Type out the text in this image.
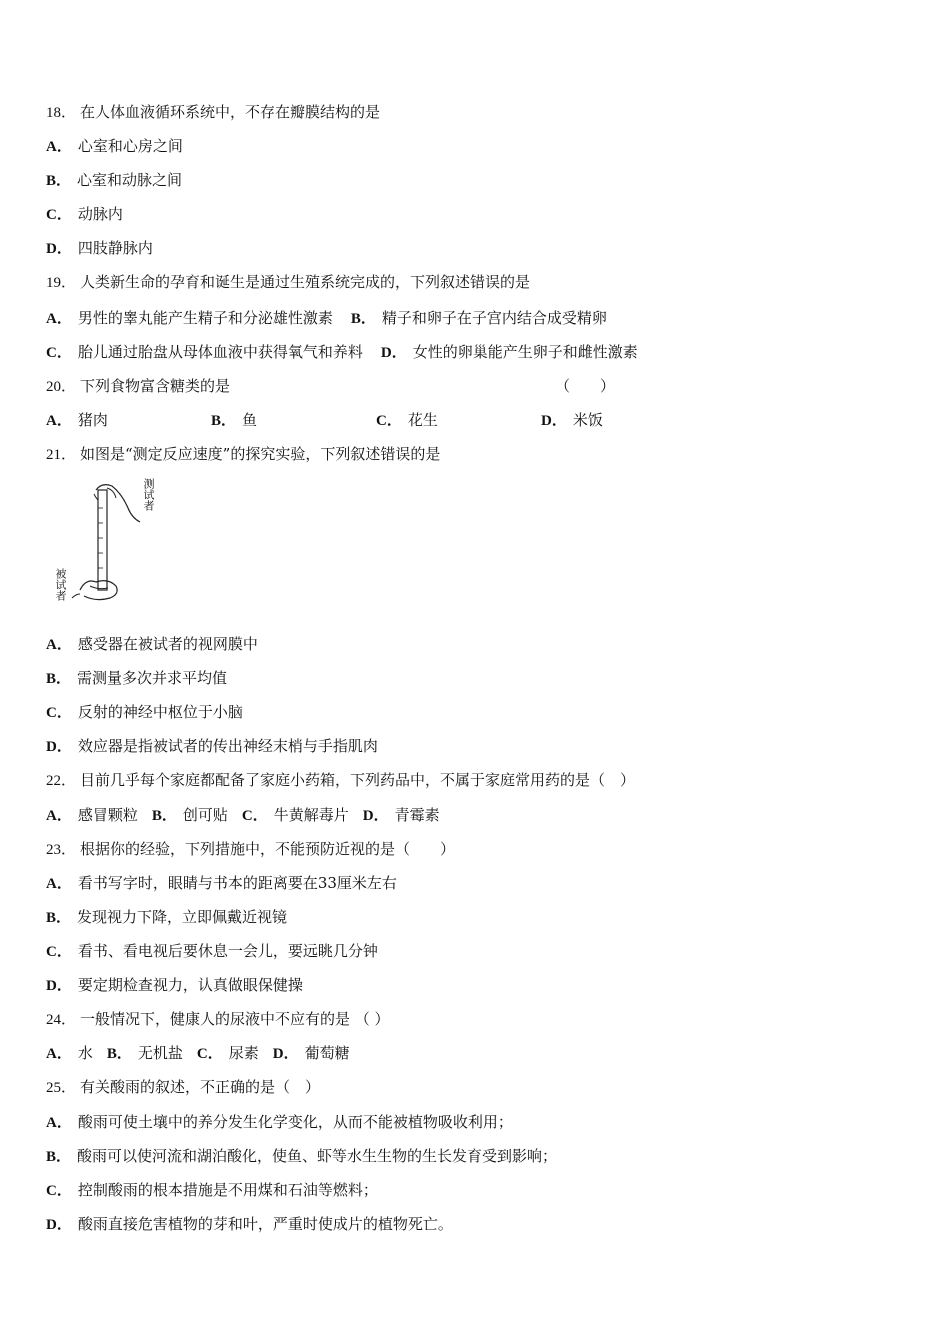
18． 在人体血液循环系统中，不存在瓣膜结构的是
A． 心室和心房之间
B． 心室和动脉之间
C． 动脉内
D． 四肢静脉内
19． 人类新生命的孕育和诞生是通过生殖系统完成的，下列叙述错误的是
A． 男性的睾丸能产生精子和分泌雄性激素 B． 精子和卵子在子宫内结合成受精卵
C． 胎儿通过胎盘从母体血液中获得氧气和养料 D． 女性的卵巢能产生卵子和雌性激素
20． 下列食物富含糖类的是	（　　）
A． 猪肉	B． 鱼	C． 花生	D． 米饭
21． 如图是“测定反应速度”的探究实验，下列叙述错误的是
测试者
被试者
A． 感受器在被试者的视网膜中
B． 需测量多次并求平均值
C． 反射的神经中枢位于小脑
D． 效应器是指被试者的传出神经末梢与手指肌肉
22． 目前几乎每个家庭都配备了家庭小药箱，下列药品中，不属于家庭常用药的是（　）
A． 感冒颗粒 B． 创可贴 C． 牛黄解毒片 D． 青霉素
23． 根据你的经验，下列措施中，不能预防近视的是（　　）
A． 看书写字时，眼睛与书本的距离要在33厘米左右
B． 发现视力下降，立即佩戴近视镜
C． 看书、看电视后要休息一会儿，要远眺几分钟
D． 要定期检查视力，认真做眼保健操
24． 一般情况下，健康人的尿液中不应有的是 （ ）
A． 水 B． 无机盐 C． 尿素 D． 葡萄糖
25． 有关酸雨的叙述，不正确的是（　）
A． 酸雨可使土壤中的养分发生化学变化，从而不能被植物吸收利用；
B． 酸雨可以使河流和湖泊酸化，使鱼、虾等水生生物的生长发育受到影响；
C． 控制酸雨的根本措施是不用煤和石油等燃料；
D． 酸雨直接危害植物的芽和叶，严重时使成片的植物死亡。
